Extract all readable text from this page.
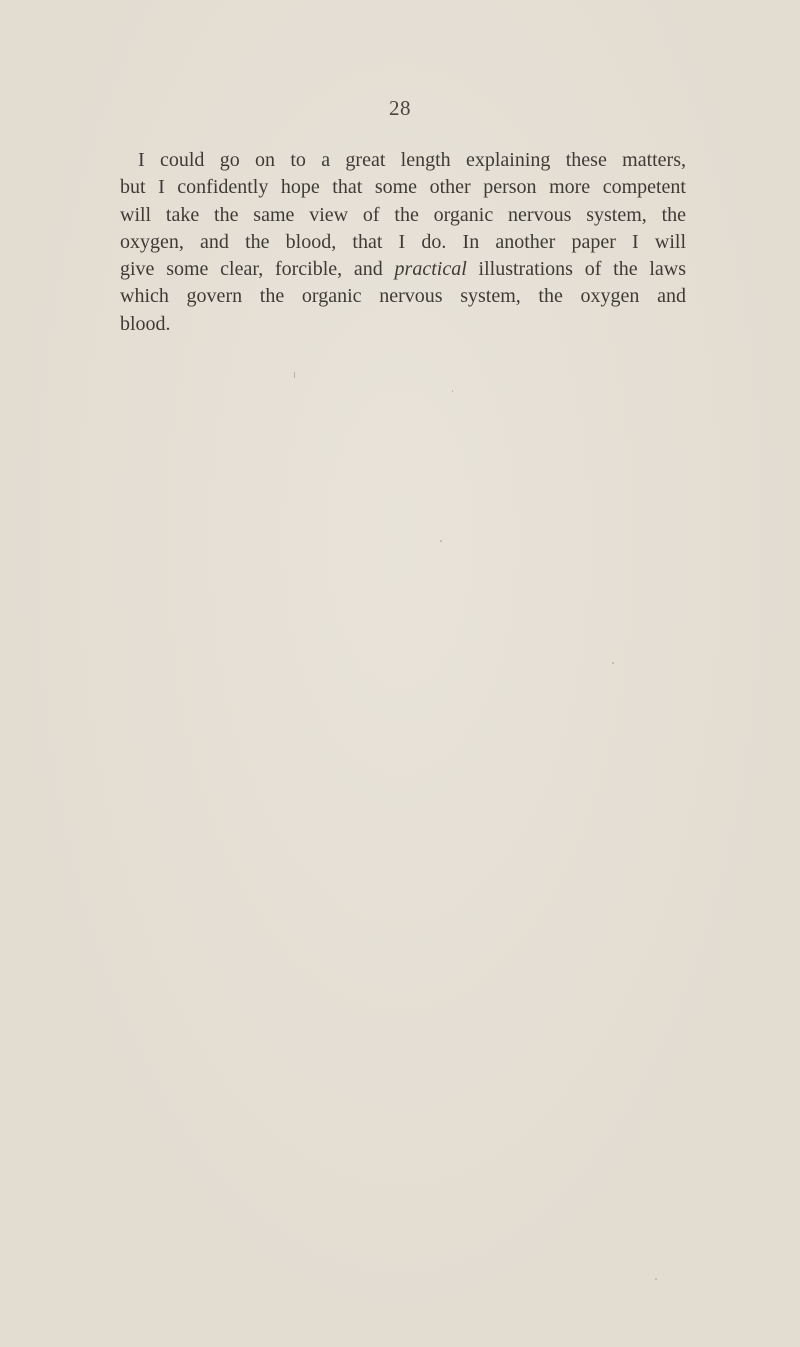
28
I could go on to a great length explaining these matters,
but I confidently hope that some other person more competent
will take the same view of the organic nervous system, the
oxygen, and the blood, that I do. In another paper I will
give some clear, forcible, and practical illustrations of the laws
which govern the organic nervous system, the oxygen and
blood.
